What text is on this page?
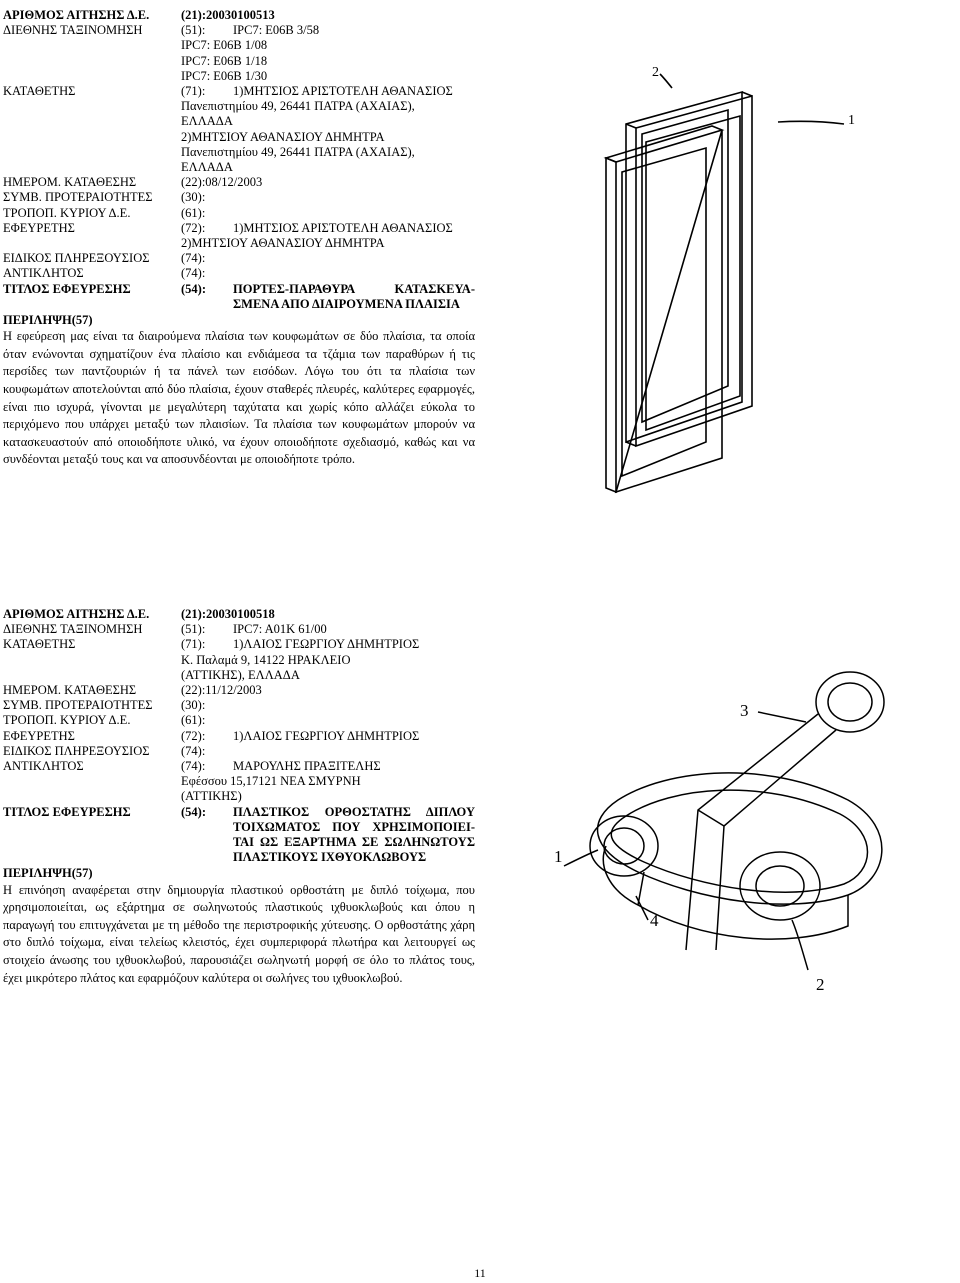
ΑΡΙΘΜΟΣ ΑΙΤΗΣΗΣ Δ.Ε.	(21):20030100513
ΔΙΕΘΝΗΣ ΤΑΞΙΝΟΜΗΣΗ	(51): IPC7: E06B 3/58
IPC7: E06B 1/08
IPC7: E06B 1/18
IPC7: E06B 1/30
ΚΑΤΑΘΕΤΗΣ	(71): 1)ΜΗΤΣΙΟΣ ΑΡΙΣΤΟΤΕΛΗ ΑΘΑΝΑΣΙΟΣ
Πανεπιστημίου 49, 26441 ΠΑΤΡΑ (ΑΧΑΙΑΣ),
ΕΛΛΑΔΑ
2)ΜΗΤΣΙΟΥ ΑΘΑΝΑΣΙΟΥ ΔΗΜΗΤΡΑ
Πανεπιστημίου 49, 26441 ΠΑΤΡΑ (ΑΧΑΙΑΣ),
ΕΛΛΑΔΑ
ΗΜΕΡΟΜ. ΚΑΤΑΘΕΣΗΣ	(22):08/12/2003
ΣΥΜΒ. ΠΡΟΤΕΡΑΙΟΤΗΤΕΣ (30):
ΤΡΟΠΟΠ. ΚΥΡΙΟΥ Δ.Ε.	(61):
ΕΦΕΥΡΕΤΗΣ	(72): 1)ΜΗΤΣΙΟΣ ΑΡΙΣΤΟΤΕΛΗ ΑΘΑΝΑΣΙΟΣ
2)ΜΗΤΣΙΟΥ ΑΘΑΝΑΣΙΟΥ ΔΗΜΗΤΡΑ
ΕΙΔΙΚΟΣ ΠΛΗΡΕΞΟΥΣΙΟΣ	(74):
ΑΝΤΙΚΛΗΤΟΣ	(74):
ΤΙΤΛΟΣ ΕΦΕΥΡΕΣΗΣ	(54): ΠΟΡΤΕΣ-ΠΑΡΑΘΥΡΑ ΚΑΤΑΣΚΕΥΑ-
ΣΜΕΝΑ ΑΠΟ ΔΙΑΙΡΟΥΜΕΝΑ ΠΛΑΙΣΙΑ
ΠΕΡΙΛΗΨΗ(57)
Η εφεύρεση μας είναι τα διαιρούμενα πλαίσια των κουφωμάτων σε δύο πλαίσια, τα οποία όταν ενώνονται σχηματίζουν ένα πλαίσιο και ενδιάμεσα τα τζάμια των παραθύρων ή τις περσίδες των παντζουριών ή τα πάνελ των εισόδων. Λόγω του ότι τα πλαίσια των κουφωμάτων αποτελούνται από δύο πλαίσια, έχουν σταθερές πλευρές, καλύτερες εφαρμογές, είναι πιο ισχυρά, γίνονται με μεγαλύτερη ταχύτατα και χωρίς κόπο αλλάζει εύκολα το περιχόμενο που υπάρχει μεταξύ των πλαισίων. Τα πλαίσια των κουφωμάτων μπορούν να κατασκευαστούν από οποιοδήποτε υλικό, να έχουν οποιοδήποτε σχεδιασμό, καθώς και να συνδέονται μεταξύ τους και να αποσυνδέονται με οποιοδήποτε τρόπο.
2
1
ΑΡΙΘΜΟΣ ΑΙΤΗΣΗΣ Δ.Ε.	(21):20030100518
ΔΙΕΘΝΗΣ ΤΑΞΙΝΟΜΗΣΗ	(51): IPC7: A01K 61/00
ΚΑΤΑΘΕΤΗΣ	(71): 1)ΛΑΙΟΣ ΓΕΩΡΓΙΟΥ ΔΗΜΗΤΡΙΟΣ
Κ. Παλαμά 9, 14122 ΗΡΑΚΛΕΙΟ
(ΑΤΤΙΚΗΣ), ΕΛΛΑΔΑ
ΗΜΕΡΟΜ. ΚΑΤΑΘΕΣΗΣ	(22):11/12/2003
ΣΥΜΒ. ΠΡΟΤΕΡΑΙΟΤΗΤΕΣ (30):
ΤΡΟΠΟΠ. ΚΥΡΙΟΥ Δ.Ε.	(61):
ΕΦΕΥΡΕΤΗΣ	(72): 1)ΛΑΙΟΣ ΓΕΩΡΓΙΟΥ ΔΗΜΗΤΡΙΟΣ
ΕΙΔΙΚΟΣ ΠΛΗΡΕΞΟΥΣΙΟΣ	(74):
ΑΝΤΙΚΛΗΤΟΣ	(74): ΜΑΡΟΥΛΗΣ ΠΡΑΞΙΤΕΛΗΣ
Εφέσσου 15,17121 ΝΕΑ ΣΜΥΡΝΗ
(ΑΤΤΙΚΗΣ)
ΤΙΤΛΟΣ ΕΦΕΥΡΕΣΗΣ	(54): ΠΛΑΣΤΙΚΟΣ ΟΡΘΟΣΤΑΤΗΣ ΔΙΠΛΟΥ
ΤΟΙΧΩΜΑΤΟΣ ΠΟΥ ΧΡΗΣΙΜΟΠΟΙΕΙ-
ΤΑΙ ΩΣ ΕΞΑΡΤΗΜΑ ΣΕ ΣΩΛΗΝΩΤΟΥΣ
ΠΛΑΣΤΙΚΟΥΣ ΙΧΘΥΟΚΛΩΒΟΥΣ
ΠΕΡΙΛΗΨΗ(57)
Η επινόηση αναφέρεται στην δημιουργία πλαστικού ορθοστάτη με διπλό τοίχωμα, που χρησιμοποιείται, ως εξάρτημα σε σωληνωτούς πλαστικούς ιχθυοκλωβούς και όπου η παραγωγή του επιτυγχάνεται με τη μέθοδο τηε περιστροφικής χύτευσης. Ο ορθοστάτης χάρη στο διπλό τοίχωμα, είναι τελείως κλειστός, έχει συμπεριφορά πλωτήρα και λειτουργεί ως στοιχείο άνωσης του ιχθυοκλωβού, παρουσιάζει σωληνωτή μορφή σε όλο το πλάτος τους, έχει μικρότερο πλάτος και εφαρμόζουν καλύτερα οι σωλήνες του ιχθυοκλωβού.
3
1
4
2
11
